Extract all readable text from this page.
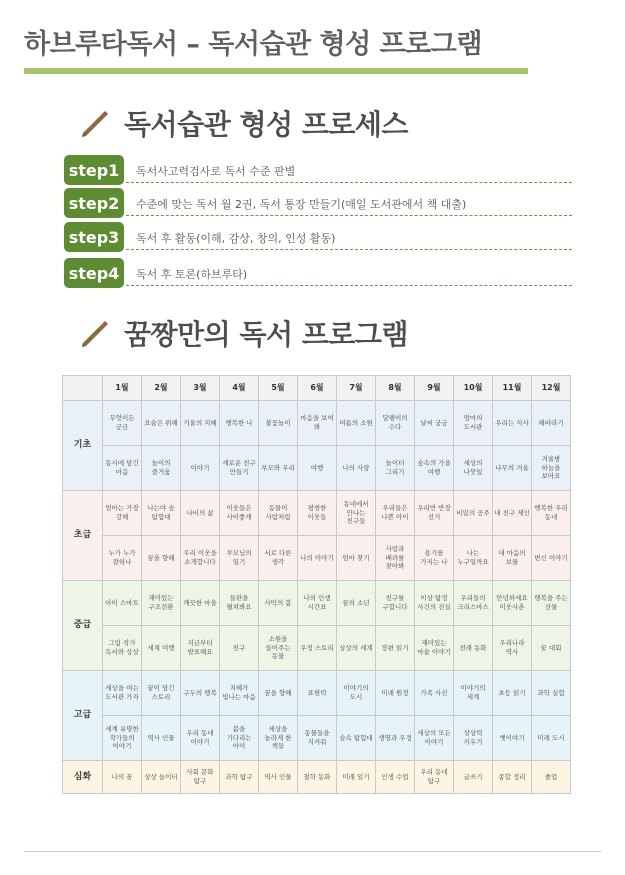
하브루타독서 – 독서습관 형성 프로그램
독서습관 형성 프로세스
step1	독서사고력검사로 독서 수준 판별
step2	수준에 맞는 독서 월 2권, 독서 통장 만들기(매일 도서관에서 책 대출)
step3	독서 후 활동(이해, 감상, 창의, 인성 활동)
step4	독서 후 토론(하브루타)
꿈짱만의 독서 프로그램
	1월	2월	3월	4월	5월	6월	7월	8월	9월	10월	11월	12월
기초	무엇이든 궁금	요술은 위해	거울의 지혜	행복한 나	불꽃놀이	마음을 보여 봐	여름의 소원	달팽이의 수다	날씨 궁금	엄마의 도서관	우리는 식사	해바라기
	동시에 담긴 마음	놀이의 즐거움	이야기	새로운 친구 만들기	부모와 우리	여행	나의 사랑	놀이터 그리기	숲속의 가을 여행	세상의 나뭇잎	나무의 겨울	겨울밤 하늘을 보아요
초급	엄마는 가장 강해	나는야 숲 탐험대	나비의 삶	이웃들은 사이좋게	동물이 사람처럼	평범한 이웃들	동네에서 만나는 친구들	우리들은 나쁜 아이	우리반 반장 선거	비밀의 공주	내 친구 제인	행복한 우리 동네
	누가 누가 잘하나	꿈을 향해	우리 이웃을 소개합니다	부모님의 일기	서로 다른 생각	나의 이야기	엄마 찾기	사랑과 배려를 찾아봐	용기를 가지는 나	나는 누구일까요	내 마음의 보물	변신 이야기
중급	아이 스마트	재미있는 구조전환	깨끗한 마을	들판을 펼쳐봐요	사막의 봄	나의 인생 시간표	꿈의 소년	친구를 구합니다	이상 탐정 사건의 진실	우리들의 크리스마스	안녕하세요 이웃사촌	행복을 주는 선물
	그림 작가 독서와 상상	세계 여행	지금부터 발표해요	친구	소원을 들어주는 동물	우정 스토리	상상의 세계	장편 읽기	재미있는 마술 이야기	전래 동화	우리나라 역사	꿈 대회
고급	세상을 여는 도서관 가자	꿈이 담긴 스토리	구두의 행복	지혜가 빛나는 마음	꿈을 향해	표현력	이야기의 도시	미래 원정	가족 사진	이야기의 세계	초등 읽기	과학 실험
	세계 유명한 작가들의 이야기	역사 인물	우리 동네 이야기	봄을 기다리는 아이	세상을 놀라게 한 책들	동물들을 지켜줘	숲속 탐험대	생명과 우정	세상의 모든 이야기	상상력 키우기	옛이야기	미래 도시
심화	나의 꿈	상상 놀이터	사회 문화 탐구	과학 탐구	역사 인물	철학 동화	미래 일기	인생 수업	우리 동네 탐구	글쓰기	종합 정리	졸업
